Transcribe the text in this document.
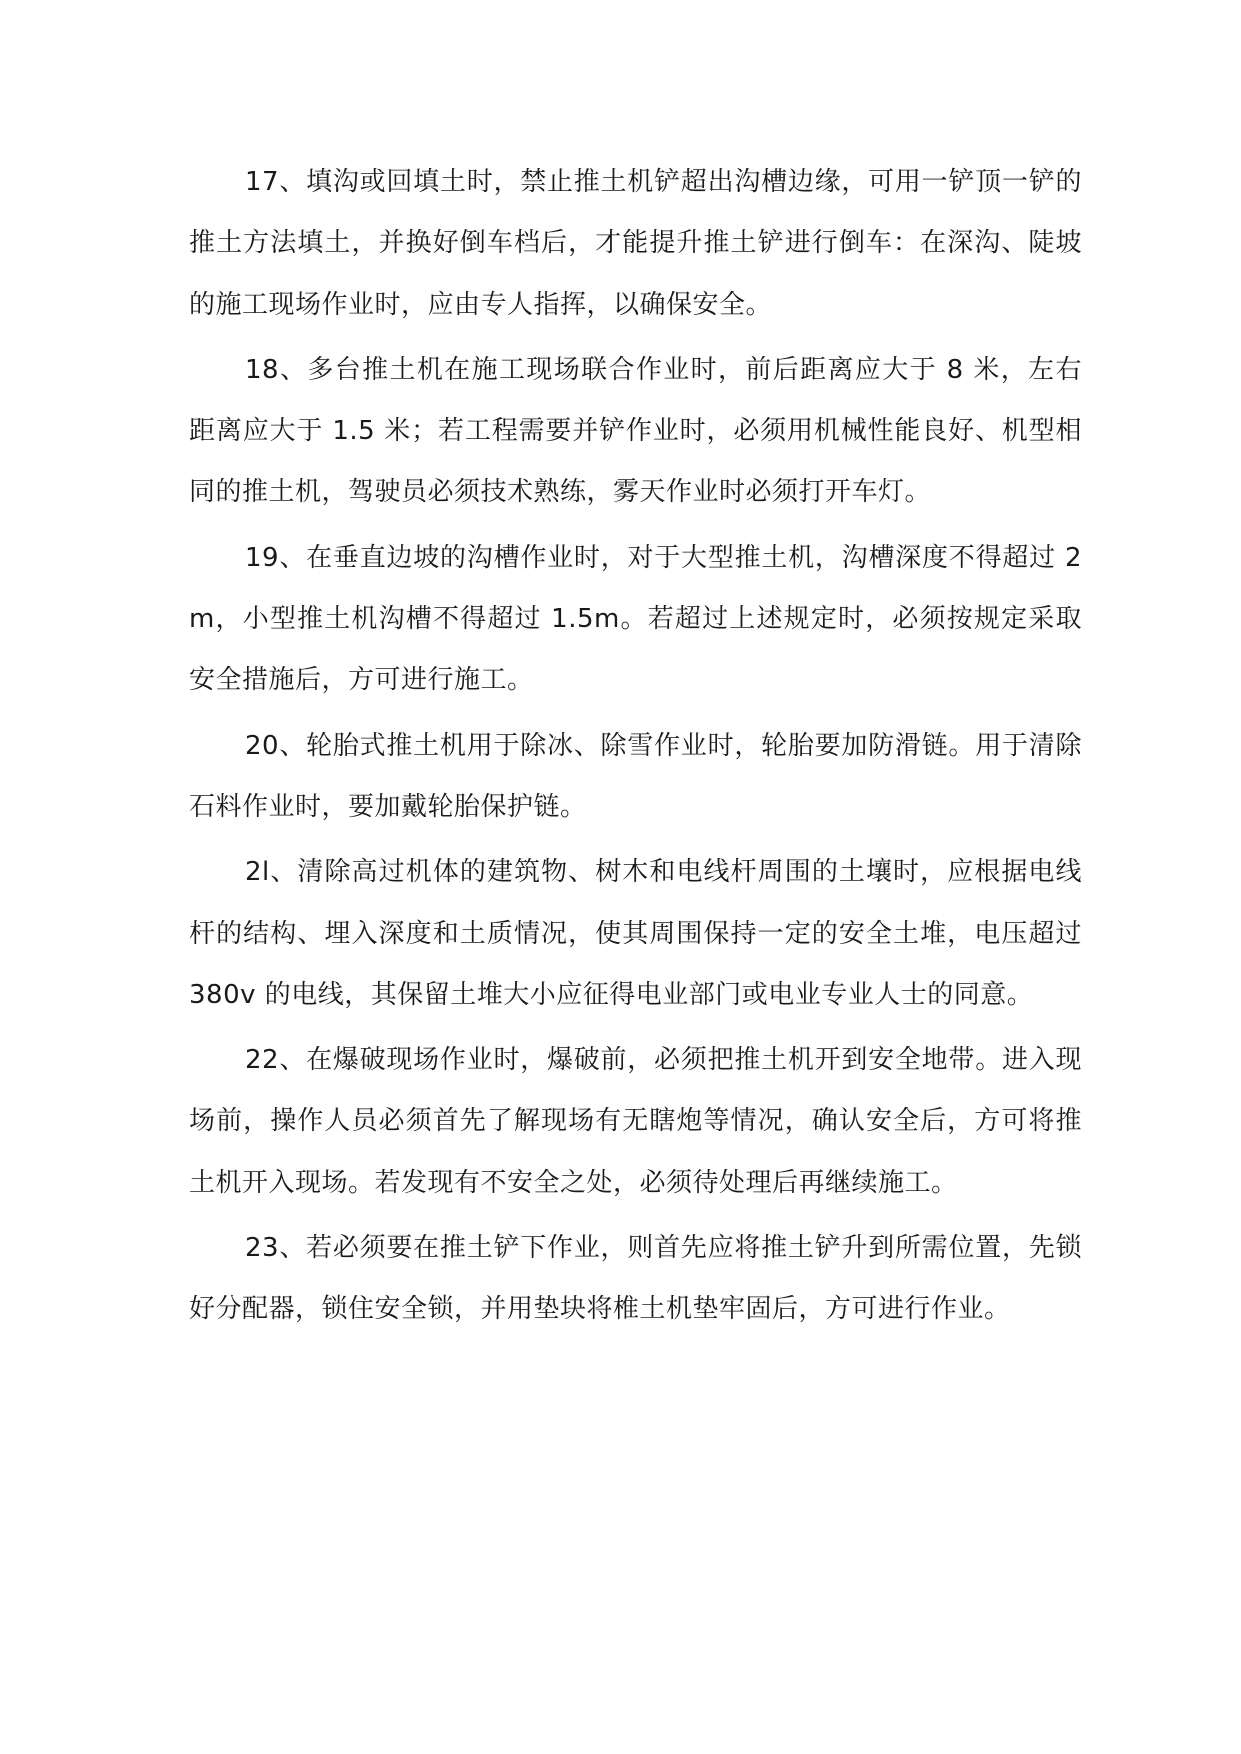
17、填沟或回填土时，禁止推土机铲超出沟槽边缘，可用一铲顶一铲的推土方法填土，并换好倒车档后，才能提升推土铲进行倒车：在深沟、陡坡的施工现场作业时，应由专人指挥，以确保安全。

18、多台推土机在施工现场联合作业时，前后距离应大于 8 米，左右距离应大于 1.5 米；若工程需要并铲作业时，必须用机械性能良好、机型相同的推土机，驾驶员必须技术熟练，雾天作业时必须打开车灯。

19、在垂直边坡的沟槽作业时，对于大型推土机，沟槽深度不得超过 2m，小型推土机沟槽不得超过 1.5m。若超过上述规定时，必须按规定采取安全措施后，方可进行施工。

20、轮胎式推土机用于除冰、除雪作业时，轮胎要加防滑链。用于清除石料作业时，要加戴轮胎保护链。

2l、清除高过机体的建筑物、树木和电线杆周围的土壤时，应根据电线杆的结构、埋入深度和土质情况，使其周围保持一定的安全土堆，电压超过 380v 的电线，其保留土堆大小应征得电业部门或电业专业人士的同意。

22、在爆破现场作业时，爆破前，必须把推土机开到安全地带。进入现场前，操作人员必须首先了解现场有无瞎炮等情况，确认安全后，方可将推土机开入现场。若发现有不安全之处，必须待处理后再继续施工。

23、若必须要在推土铲下作业，则首先应将推土铲升到所需位置，先锁好分配器，锁住安全锁，并用垫块将椎土机垫牢固后，方可进行作业。
